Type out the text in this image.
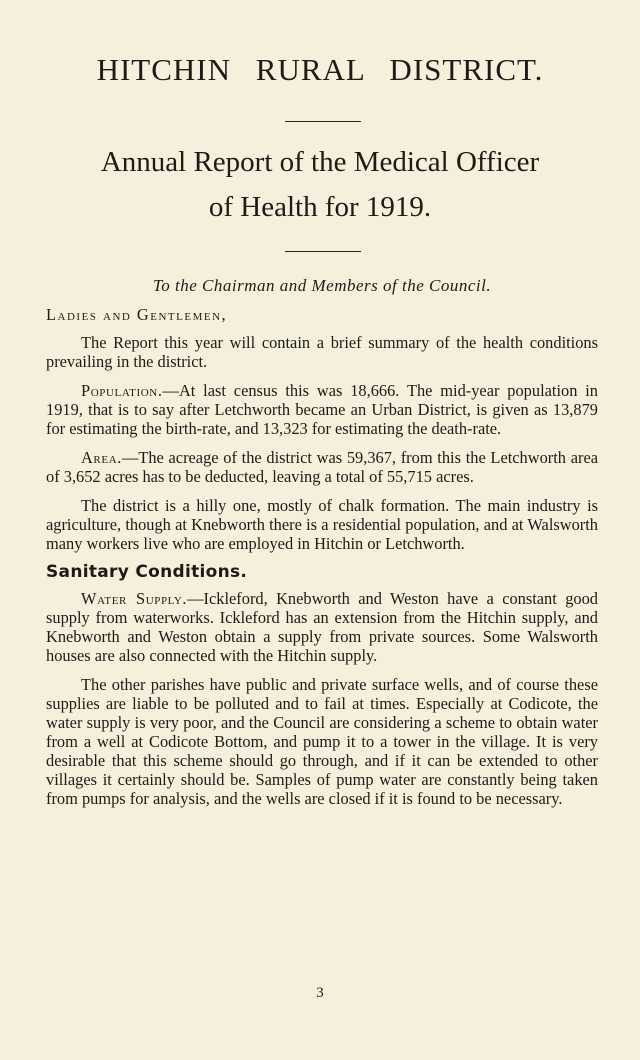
HITCHIN RURAL DISTRICT.
Annual Report of the Medical Officer
of Health for 1919.
To the Chairman and Members of the Council.
Ladies and Gentlemen,

The Report this year will contain a brief summary of the health conditions prevailing in the district.

Population.—At last census this was 18,666. The mid-year population in 1919, that is to say after Letchworth became an Urban District, is given as 13,879 for estimating the birth-rate, and 13,323 for estimating the death-rate.

Area.—The acreage of the district was 59,367, from this the Letchworth area of 3,652 acres has to be deducted, leaving a total of 55,715 acres.

The district is a hilly one, mostly of chalk formation. The main industry is agriculture, though at Knebworth there is a residential population, and at Walsworth many workers live who are employed in Hitchin or Letchworth.

Sanitary Conditions.

Water Supply.—Ickleford, Knebworth and Weston have a constant good supply from waterworks. Ickleford has an extension from the Hitchin supply, and Knebworth and Weston obtain a supply from private sources. Some Walsworth houses are also connected with the Hitchin supply.

The other parishes have public and private surface wells, and of course these supplies are liable to be polluted and to fail at times. Especially at Codicote, the water supply is very poor, and the Council are considering a scheme to obtain water from a well at Codicote Bottom, and pump it to a tower in the village. It is very desirable that this scheme should go through, and if it can be extended to other villages it certainly should be. Samples of pump water are constantly being taken from pumps for analysis, and the wells are closed if it is found to be necessary.

3
